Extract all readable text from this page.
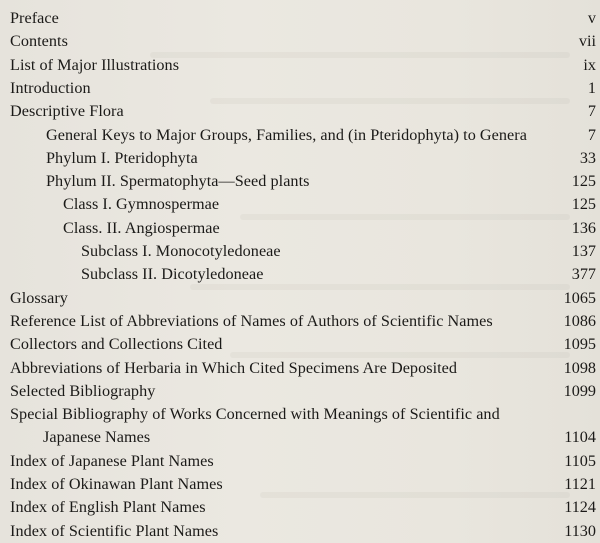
Preface	v
Contents	vii
List of Major Illustrations	ix
Introduction	1
Descriptive Flora	7
General Keys to Major Groups, Families, and (in Pteridophyta) to Genera	7
Phylum I. Pteridophyta	33
Phylum II. Spermatophyta—Seed plants	125
Class I. Gymnospermae	125
Class. II. Angiospermae	136
Subclass I. Monocotyledoneae	137
Subclass II. Dicotyledoneae	377
Glossary	1065
Reference List of Abbreviations of Names of Authors of Scientific Names	1086
Collectors and Collections Cited	1095
Abbreviations of Herbaria in Which Cited Specimens Are Deposited	1098
Selected Bibliography	1099
Special Bibliography of Works Concerned with Meanings of Scientific and
Japanese Names	1104
Index of Japanese Plant Names	1105
Index of Okinawan Plant Names	1121
Index of English Plant Names	1124
Index of Scientific Plant Names	1130
